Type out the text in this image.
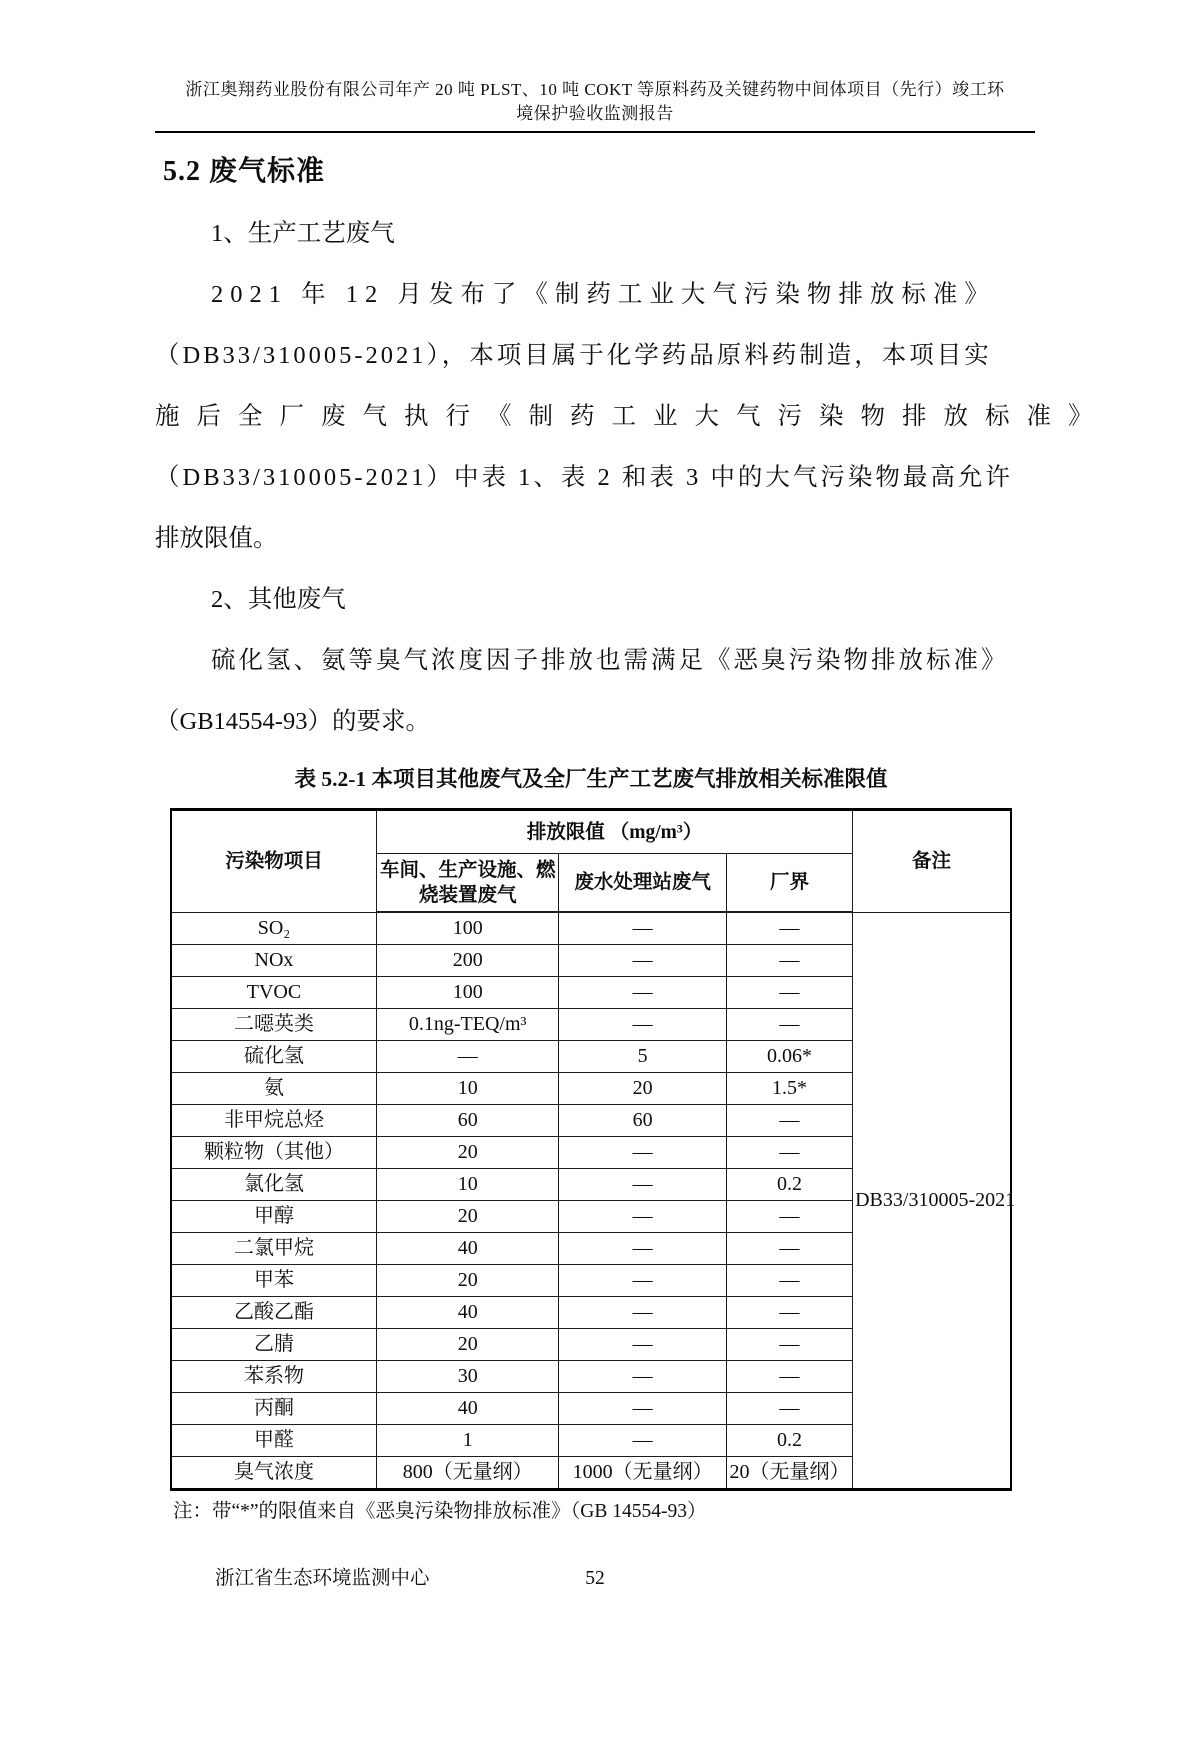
浙江奥翔药业股份有限公司年产 20 吨 PLST、10 吨 COKT 等原料药及关键药物中间体项目（先行）竣工环
境保护验收监测报告
5.2 废气标准
1、生产工艺废气
2021 年 12 月发布了《制药工业大气污染物排放标准》
（DB33/310005-2021），本项目属于化学药品原料药制造，本项目实
施后全厂废气执行《制药工业大气污染物排放标准》
（DB33/310005-2021）中表 1、表 2 和表 3 中的大气污染物最高允许
排放限值。
2、其他废气
硫化氢、氨等臭气浓度因子排放也需满足《恶臭污染物排放标准》
（GB14554-93）的要求。
表 5.2-1 本项目其他废气及全厂生产工艺废气排放相关标准限值
污染物项目	排放限值 （mg/m³）			备注
	车间、生产设施、燃烧装置废气	废水处理站废气	厂界	
SO₂	100	—	—	DB33/310005-2021
NOx	200	—	—	
TVOC	100	—	—	
二噁英类	0.1ng-TEQ/m³	—	—	
硫化氢	—	5	0.06*	
氨	10	20	1.5*	
非甲烷总烃	60	60	—	
颗粒物（其他）	20	—	—	
氯化氢	10	—	0.2	
甲醇	20	—	—	
二氯甲烷	40	—	—	
甲苯	20	—	—	
乙酸乙酯	40	—	—	
乙腈	20	—	—	
苯系物	30	—	—	
丙酮	40	—	—	
甲醛	1	—	0.2	
臭气浓度	800（无量纲）	1000（无量纲）	20（无量纲）	
注：带“*”的限值来自《恶臭污染物排放标准》（GB 14554-93）
浙江省生态环境监测中心	52
